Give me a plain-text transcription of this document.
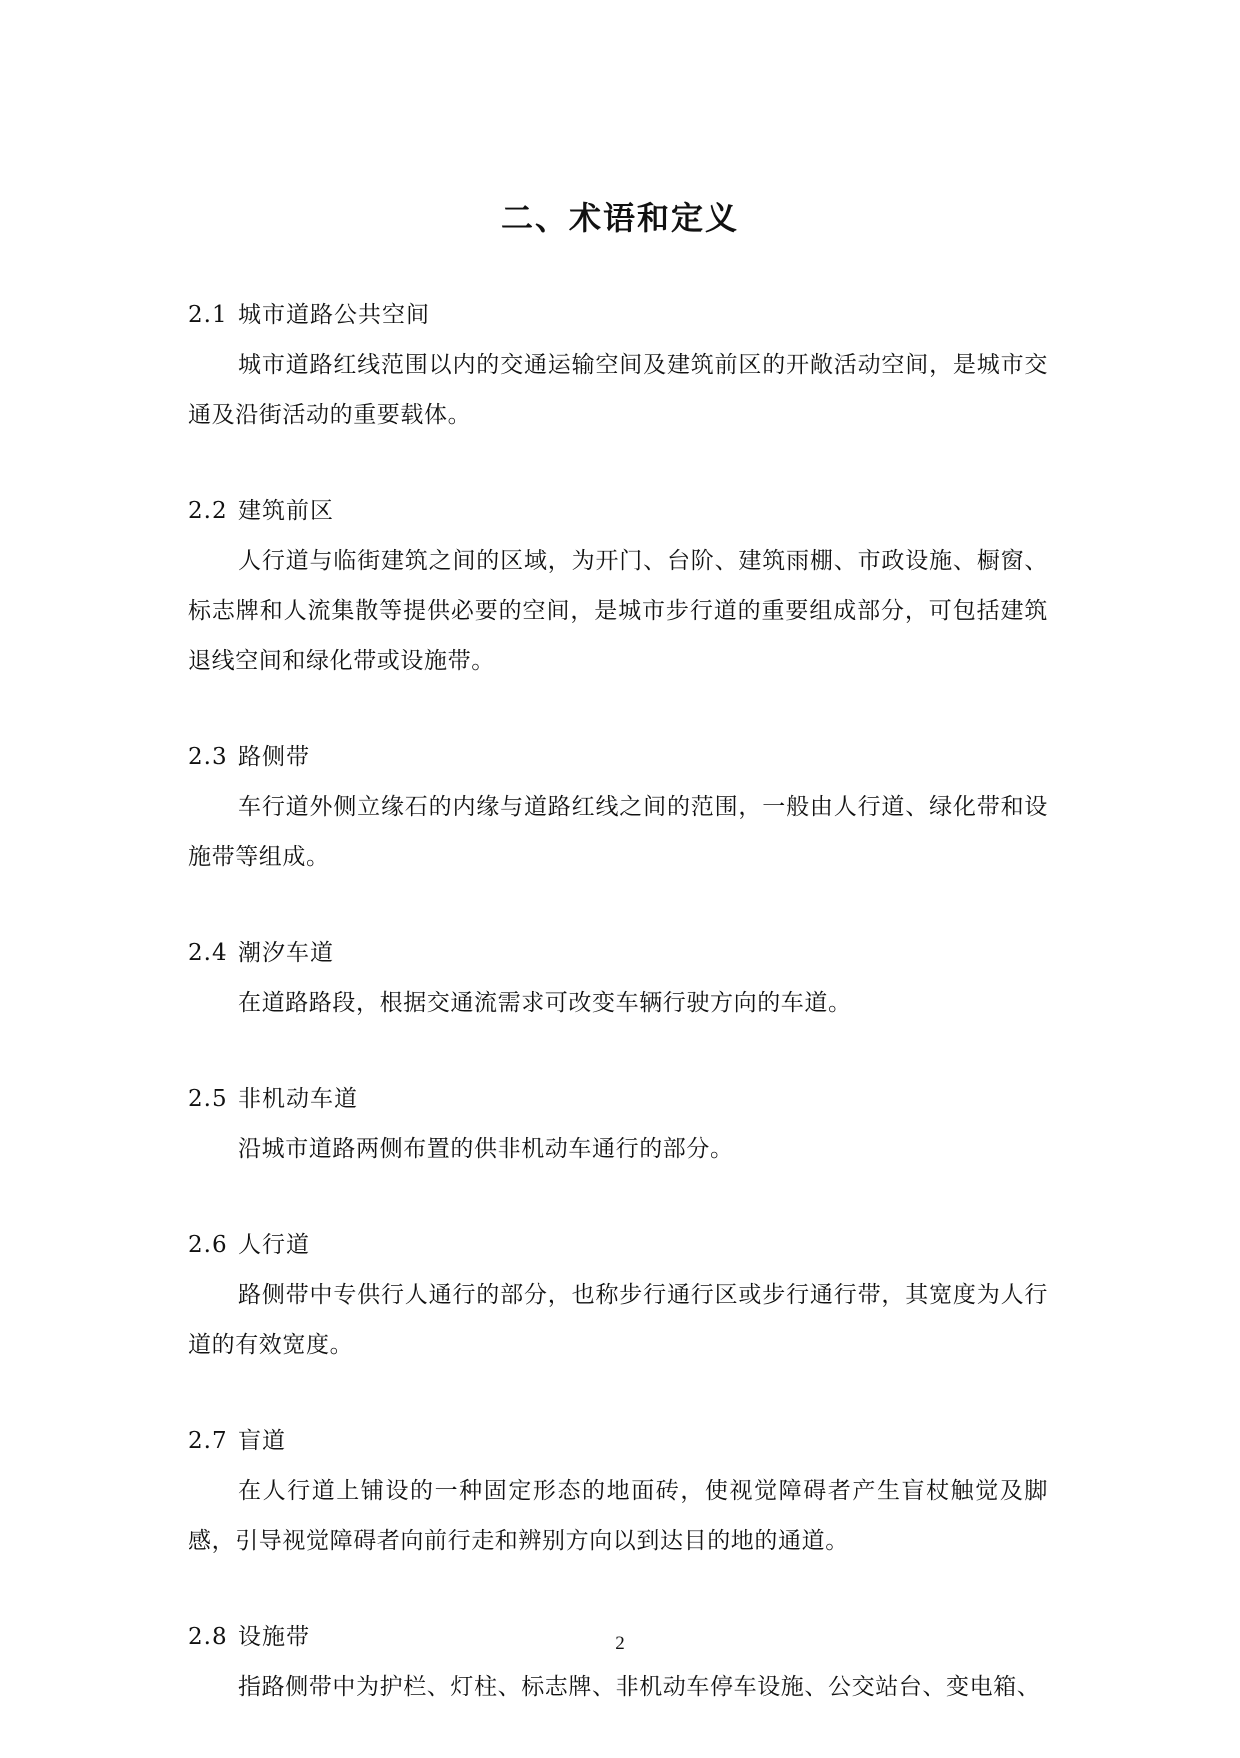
二、术语和定义
2.1 城市道路公共空间

城市道路红线范围以内的交通运输空间及建筑前区的开敞活动空间，是城市交通及沿街活动的重要载体。

2.2 建筑前区

人行道与临街建筑之间的区域，为开门、台阶、建筑雨棚、市政设施、橱窗、标志牌和人流集散等提供必要的空间，是城市步行道的重要组成部分，可包括建筑退线空间和绿化带或设施带。

2.3 路侧带

车行道外侧立缘石的内缘与道路红线之间的范围，一般由人行道、绿化带和设施带等组成。

2.4 潮汐车道

在道路路段，根据交通流需求可改变车辆行驶方向的车道。

2.5 非机动车道

沿城市道路两侧布置的供非机动车通行的部分。

2.6 人行道

路侧带中专供行人通行的部分，也称步行通行区或步行通行带，其宽度为人行道的有效宽度。

2.7 盲道

在人行道上铺设的一种固定形态的地面砖，使视觉障碍者产生盲杖触觉及脚感，引导视觉障碍者向前行走和辨别方向以到达目的地的通道。

2.8 设施带

指路侧带中为护栏、灯柱、标志牌、非机动车停车设施、公交站台、变电箱、

2
